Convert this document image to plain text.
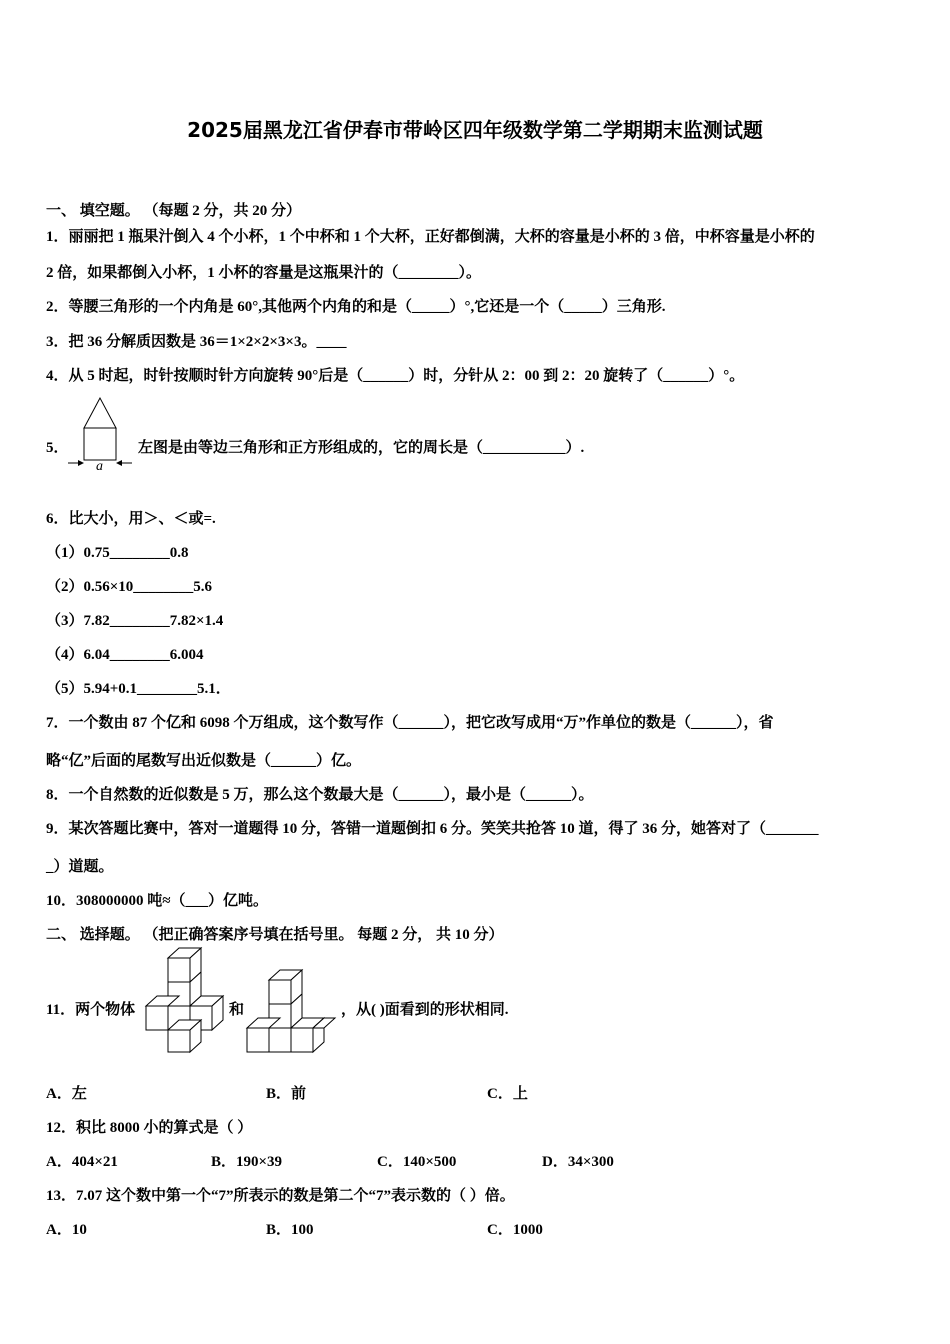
2025届黑龙江省伊春市带岭区四年级数学第二学期期末监测试题
一、 填空题。 （每题 2 分，共 20 分）
1．丽丽把 1 瓶果汁倒入 4 个小杯，1 个中杯和 1 个大杯，正好都倒满，大杯的容量是小杯的 3 倍，中杯容量是小杯的
2 倍，如果都倒入小杯，1 小杯的容量是这瓶果汁的（________）。
2．等腰三角形的一个内角是 60°,其他两个内角的和是（_____）°,它还是一个（_____）三角形.
3．把 36 分解质因数是 36＝1×2×2×3×3。____
4．从 5 时起，时针按顺时针方向旋转 90°后是（______）时，分针从 2：00 到 2：20 旋转了（______）°。
5．
a
左图是由等边三角形和正方形组成的，它的周长是（___________）.
6．比大小，用＞、＜或=.
（1）0.75________0.8
（2）0.56×10________5.6
（3）7.82________7.82×1.4
（4）6.04________6.004
（5）5.94+0.1________5.1．
7．一个数由 87 个亿和 6098 个万组成，这个数写作（______），把它改写成用“万”作单位的数是（______），省
略“亿”后面的尾数写出近似数是（______）亿。
8．一个自然数的近似数是 5 万，那么这个数最大是（______），最小是（______）。
9．某次答题比赛中，答对一道题得 10 分，答错一道题倒扣 6 分。笑笑共抢答 10 道，得了 36 分，她答对了（_______
_）道题。
10．308000000 吨≈（___）亿吨。
二、 选择题。 （把正确答案序号填在括号里。 每题 2 分， 共 10 分）
11．两个物体	和	，从( )面看到的形状相同.
A．左	B．前	C．上
12．积比 8000 小的算式是（ ）
A．404×21	B．190×39	C．140×500	D．34×300
13．7.07 这个数中第一个“7”所表示的数是第二个“7”表示数的（ ）倍。
A．10	B．100	C．1000
